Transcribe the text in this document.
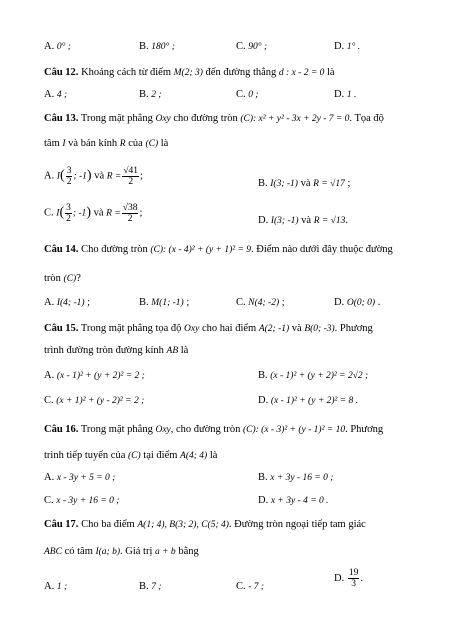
A. 0° ;	B. 180° ;	C. 90° ;	D. 1° .
Câu 12. Khoảng cách từ điểm M(2; 3) đến đường thẳng d : x - 2 = 0 là
A. 4 ;	B. 2 ;	C. 0 ;	D. 1 .
Câu 13. Trong mặt phẳng Oxy cho đường tròn (C): x² + y² - 3x + 2y - 7 = 0. Tọa độ
tâm I và bán kính R của (C) là
A. $I( \frac{3}{2}$ ; -1) và $R = \frac{√41}{2}$ ;
B. I(3; -1) và R = √17 ;
C. $I( \frac{3}{2}$ ; -1) và $R = \frac{√38}{2}$ ;
D. I(3; -1) và R = √13.
Câu 14. Cho đường tròn (C): (x - 4)² + (y + 1)² = 9. Điểm nào dưới đây thuộc đường
tròn (C)?
A. I(4; -1) ;	B. M(1; -1) ;	C. N(4; -2) ;	D. O(0; 0) .
Câu 15. Trong mặt phẳng tọa độ Oxy cho hai điểm A(2; -1) và B(0; -3). Phương
trình đường tròn đường kính AB là
A. (x - 1)² + (y + 2)² = 2 ;	B. (x - 1)² + (y + 2)² = 2√2 ;
C. (x + 1)² + (y - 2)² = 2 ;	D. (x - 1)² + (y + 2)² = 8 .
Câu 16. Trong mặt phẳng Oxy, cho đường tròn (C): (x - 3)² + (y - 1)² = 10. Phương
trình tiếp tuyến của (C) tại điểm A(4; 4) là
A. x - 3y + 5 = 0 ;	B. x + 3y - 16 = 0 ;
C. x - 3y + 16 = 0 ;	D. x + 3y - 4 = 0 .
Câu 17. Cho ba điểm A(1; 4), B(3; 2), C(5; 4). Đường tròn ngoại tiếp tam giác
ABC có tâm I(a; b). Giá trị a + b bằng
A. 1 ;	B. 7 ;	C. - 7 ;
D. $\frac{19}{3}$ .
